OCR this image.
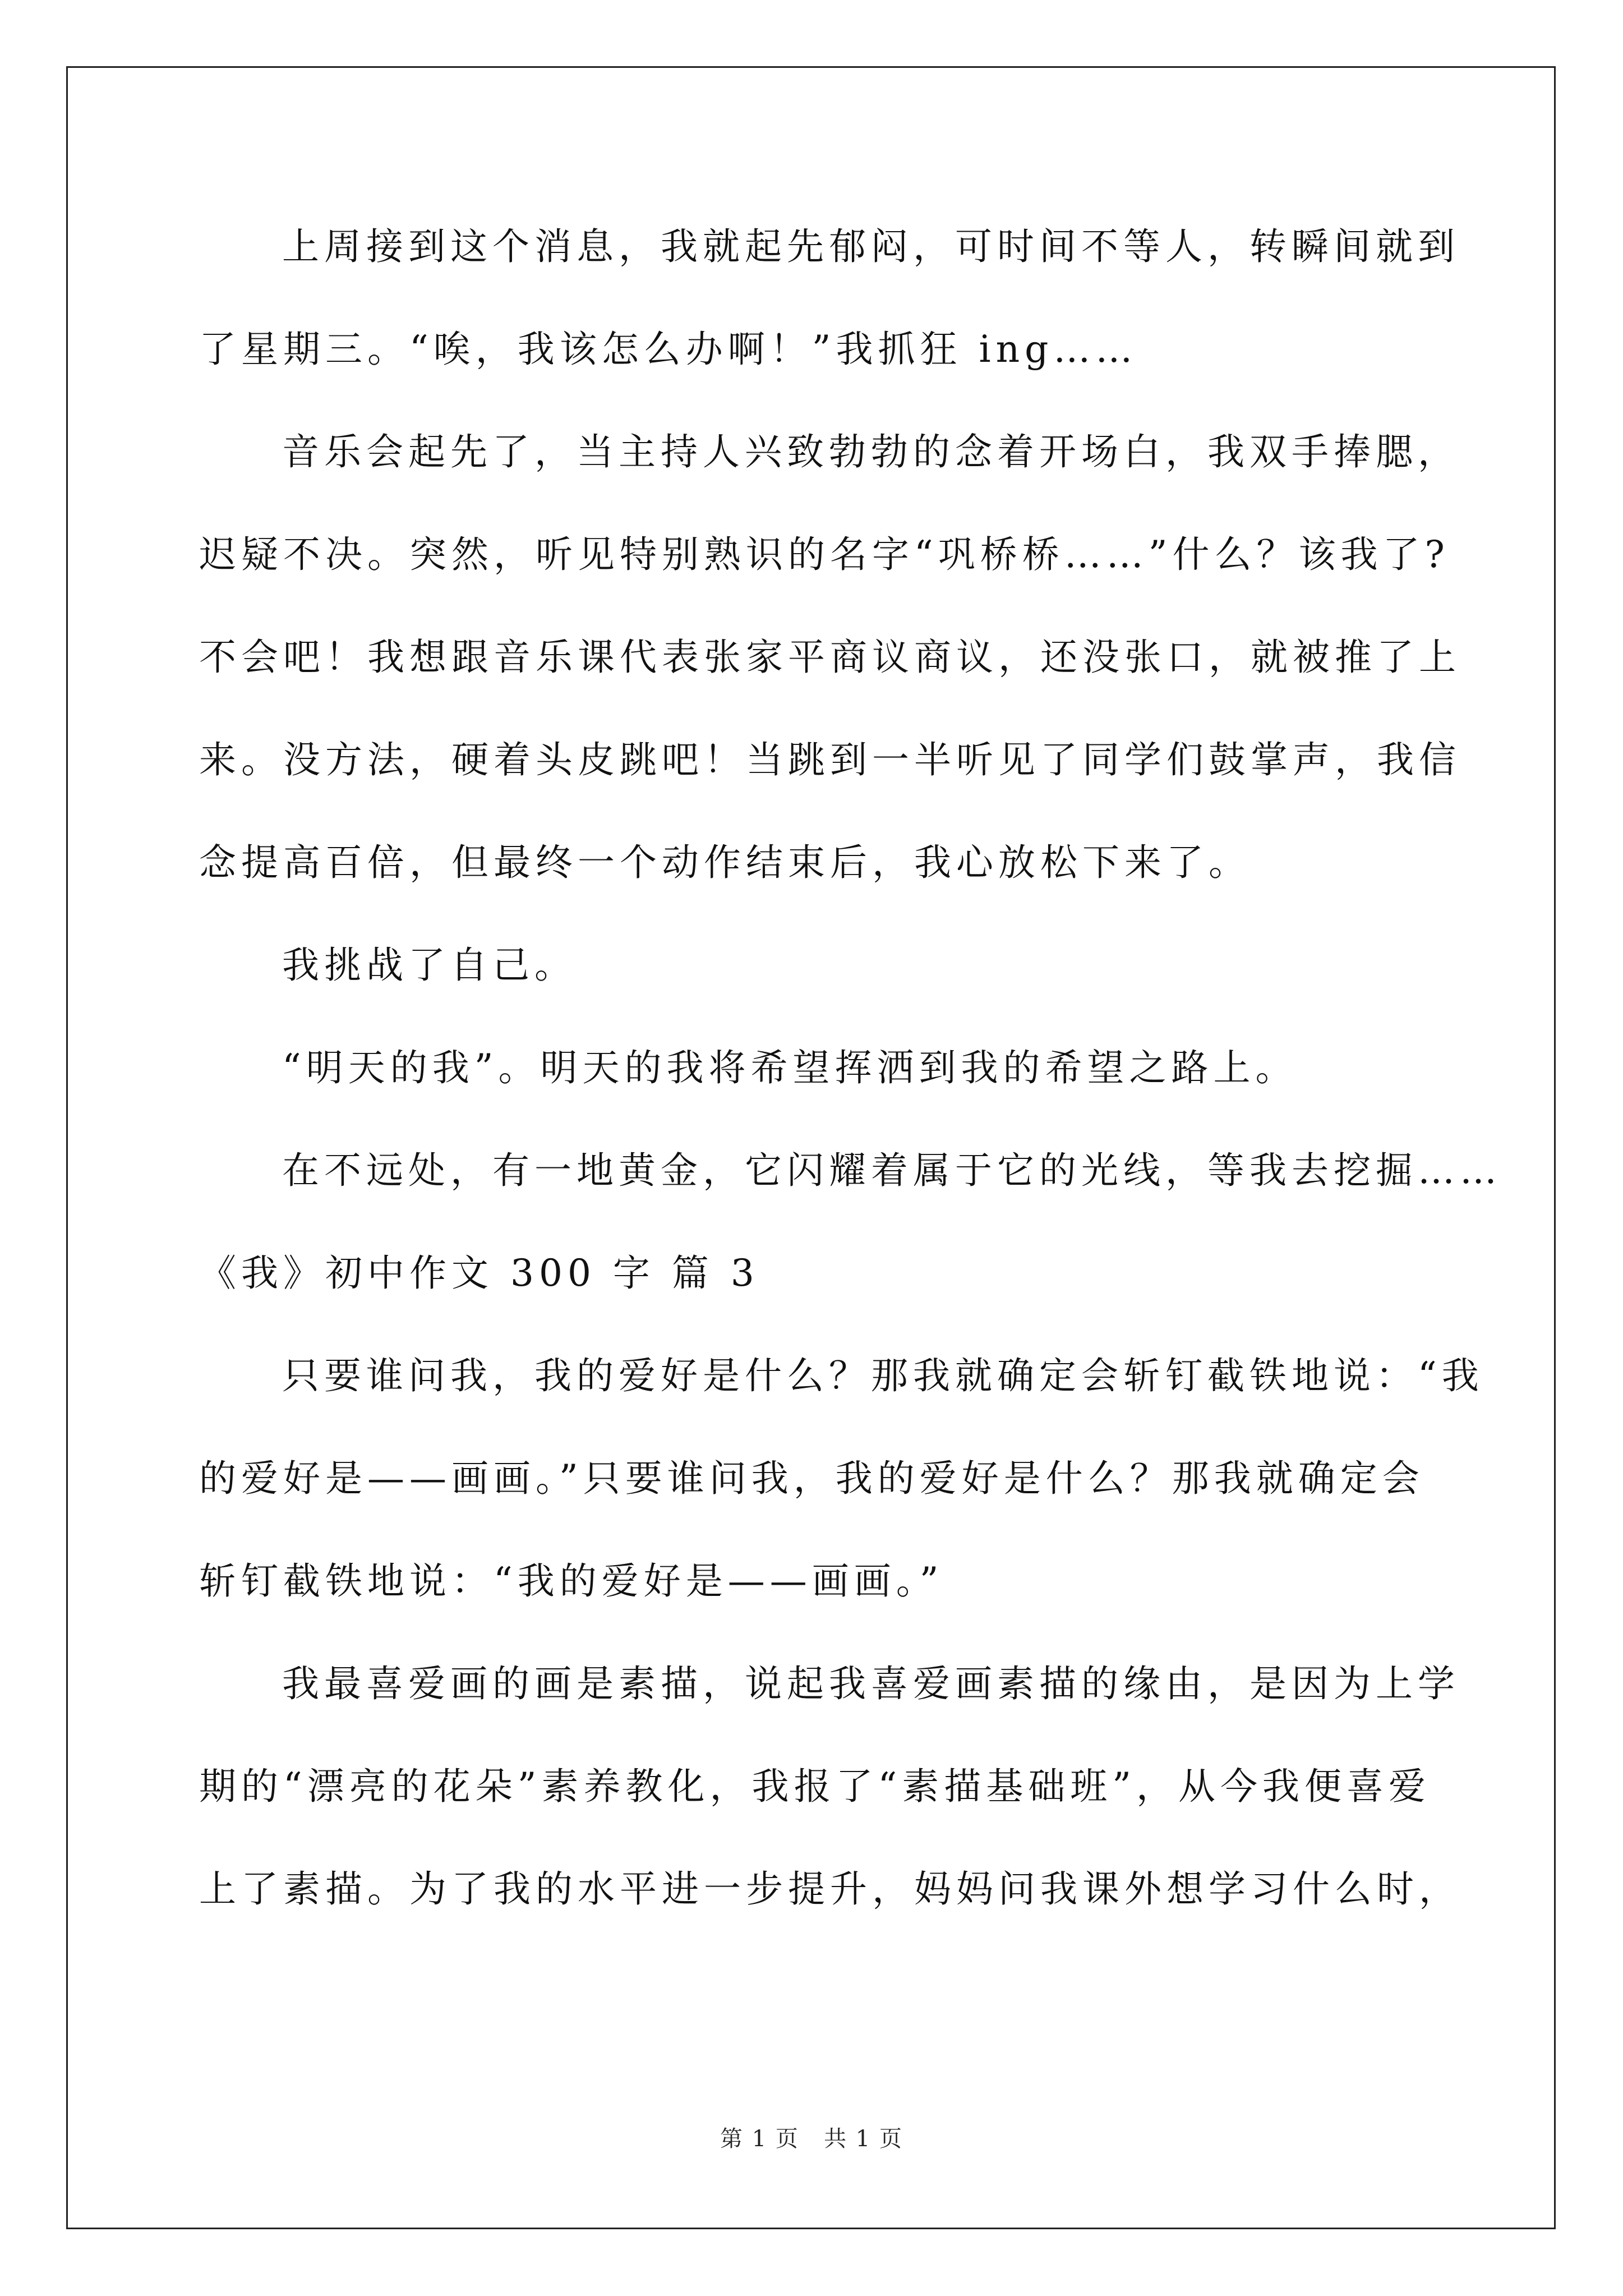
上周接到这个消息，我就起先郁闷，可时间不等人，转瞬间就到
了星期三。“唉，我该怎么办啊！”我抓狂 ing……
音乐会起先了，当主持人兴致勃勃的念着开场白，我双手捧腮，
迟疑不决。突然，听见特别熟识的名字“巩桥桥……”什么？该我了?
不会吧！我想跟音乐课代表张家平商议商议，还没张口，就被推了上
来。没方法，硬着头皮跳吧！当跳到一半听见了同学们鼓掌声，我信
念提高百倍，但最终一个动作结束后，我心放松下来了。
我挑战了自己。
“明天的我”。明天的我将希望挥洒到我的希望之路上。
在不远处，有一地黄金，它闪耀着属于它的光线，等我去挖掘……
《我》初中作文 300 字 篇 3
只要谁问我，我的爱好是什么？那我就确定会斩钉截铁地说：“我
的爱好是——画画。”只要谁问我，我的爱好是什么？那我就确定会
斩钉截铁地说：“我的爱好是——画画。”
我最喜爱画的画是素描，说起我喜爱画素描的缘由，是因为上学
期的“漂亮的花朵”素养教化，我报了“素描基础班”，从今我便喜爱
上了素描。为了我的水平进一步提升，妈妈问我课外想学习什么时，
第 1 页 共 1 页
